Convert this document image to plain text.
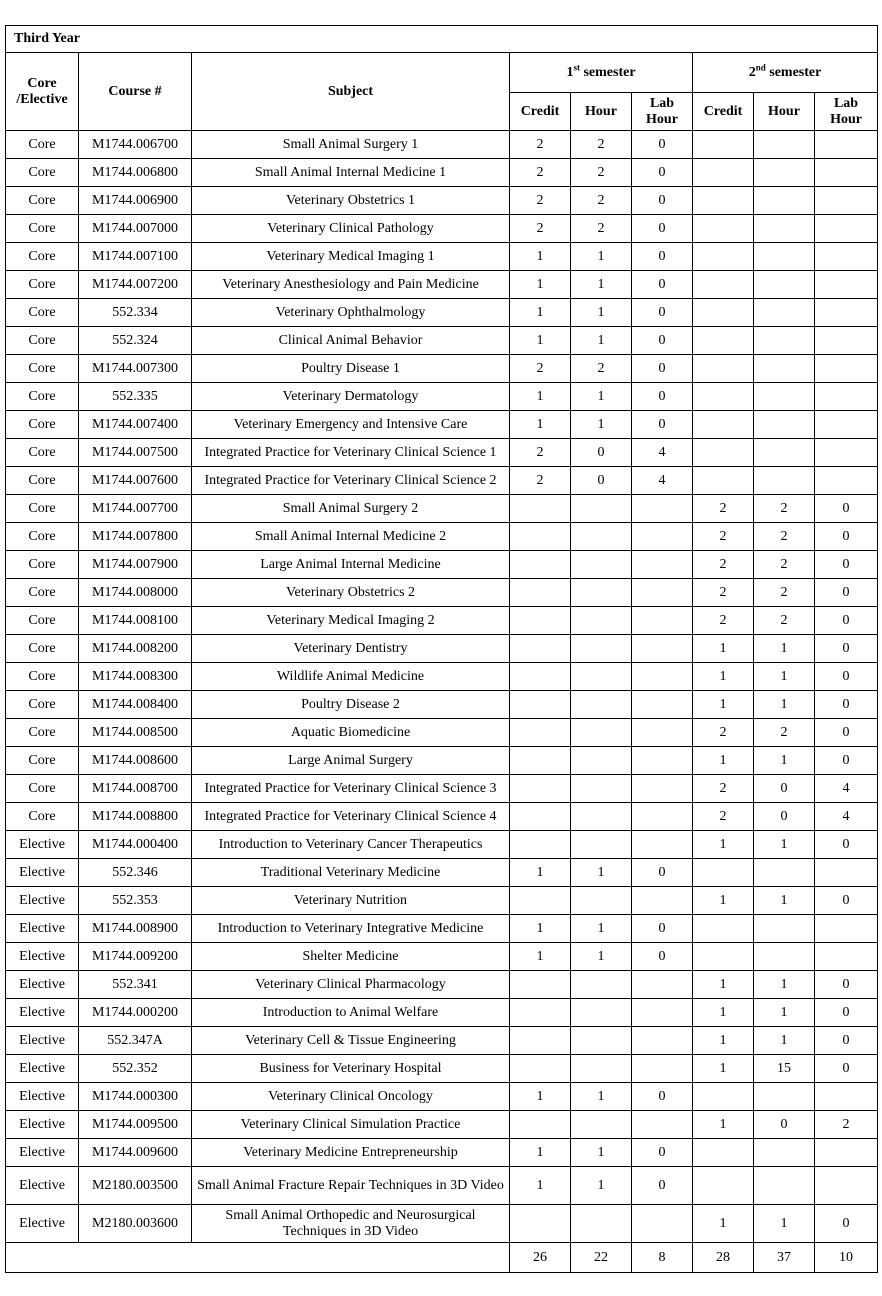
Third Year								
Core /Elective	Course #	Subject	1st semester			2nd semester		
			Credit	Hour	Lab Hour	Credit	Hour	Lab Hour
Core	M1744.006700	Small Animal Surgery 1	2	2	0			
Core	M1744.006800	Small Animal Internal Medicine 1	2	2	0			
Core	M1744.006900	Veterinary Obstetrics 1	2	2	0			
Core	M1744.007000	Veterinary Clinical Pathology	2	2	0			
Core	M1744.007100	Veterinary Medical Imaging 1	1	1	0			
Core	M1744.007200	Veterinary Anesthesiology and Pain Medicine	1	1	0			
Core	552.334	Veterinary Ophthalmology	1	1	0			
Core	552.324	Clinical Animal Behavior	1	1	0			
Core	M1744.007300	Poultry Disease 1	2	2	0			
Core	552.335	Veterinary Dermatology	1	1	0			
Core	M1744.007400	Veterinary Emergency and Intensive Care	1	1	0			
Core	M1744.007500	Integrated Practice for Veterinary Clinical Science 1	2	0	4			
Core	M1744.007600	Integrated Practice for Veterinary Clinical Science 2	2	0	4			
Core	M1744.007700	Small Animal Surgery 2				2	2	0
Core	M1744.007800	Small Animal Internal Medicine 2				2	2	0
Core	M1744.007900	Large Animal Internal Medicine				2	2	0
Core	M1744.008000	Veterinary Obstetrics 2				2	2	0
Core	M1744.008100	Veterinary Medical Imaging 2				2	2	0
Core	M1744.008200	Veterinary Dentistry				1	1	0
Core	M1744.008300	Wildlife Animal Medicine				1	1	0
Core	M1744.008400	Poultry Disease 2				1	1	0
Core	M1744.008500	Aquatic Biomedicine				2	2	0
Core	M1744.008600	Large Animal Surgery				1	1	0
Core	M1744.008700	Integrated Practice for Veterinary Clinical Science 3				2	0	4
Core	M1744.008800	Integrated Practice for Veterinary Clinical Science 4				2	0	4
Elective	M1744.000400	Introduction to Veterinary Cancer Therapeutics				1	1	0
Elective	552.346	Traditional Veterinary Medicine	1	1	0			
Elective	552.353	Veterinary Nutrition				1	1	0
Elective	M1744.008900	Introduction to Veterinary Integrative Medicine	1	1	0			
Elective	M1744.009200	Shelter Medicine	1	1	0			
Elective	552.341	Veterinary Clinical Pharmacology				1	1	0
Elective	M1744.000200	Introduction to Animal Welfare				1	1	0
Elective	552.347A	Veterinary Cell & Tissue Engineering				1	1	0
Elective	552.352	Business for Veterinary Hospital				1	15	0
Elective	M1744.000300	Veterinary Clinical Oncology	1	1	0			
Elective	M1744.009500	Veterinary Clinical Simulation Practice				1	0	2
Elective	M1744.009600	Veterinary Medicine Entrepreneurship	1	1	0			
Elective	M2180.003500	Small Animal Fracture Repair Techniques in 3D Video	1	1	0			
Elective	M2180.003600	Small Animal Orthopedic and Neurosurgical Techniques in 3D Video				1	1	0
			26	22	8	28	37	10
